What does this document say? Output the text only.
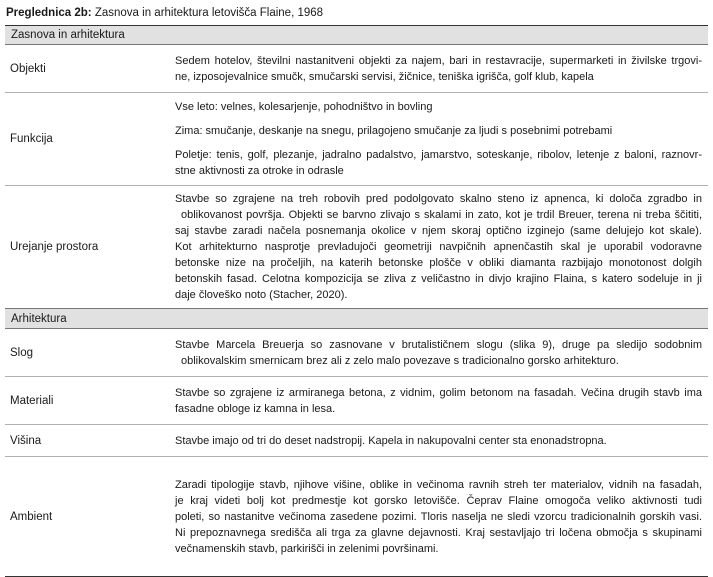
Preglednica 2b: Zasnova in arhitektura letovišča Flaine, 1968
Zasnova in arhitektura
Objekti

Sedem hotelov, številni nastanitveni objekti za najem, bari in restavracije, supermarketi in živilske trgovi-
ne, izposojevalnice smučk, smučarski servisi, žičnice, teniška igrišča, golf klub, kapela

Funkcija

Vse leto: velnes, kolesarjenje, pohodništvo in bovling

Zima: smučanje, deskanje na snegu, prilagojeno smučanje za ljudi s posebnimi potrebami

Poletje: tenis, golf, plezanje, jadralno padalstvo, jamarstvo, soteskanje, ribolov, letenje z baloni, raznovr-
stne aktivnosti za otroke in odrasle

Urejanje prostora

Stavbe so zgrajene na treh robovih pred podolgovato skalno steno iz apnenca, ki določa zgradbo in
oblikovanost površja. Objekti se barvno zlivajo s skalami in zato, kot je trdil Breuer, terena ni treba ščititi,
saj stavbe zaradi načela posnemanja okolice v njem skoraj optično izginejo (same delujejo kot skale).
Kot arhitekturno nasprotje prevladujoči geometriji navpičnih apnenčastih skal je uporabil vodoravne
betonske nize na pročeljih, na katerih betonske plošče v obliki diamanta razbijajo monotonost dolgih
betonskih fasad. Celotna kompozicija se zliva z veličastno in divjo krajino Flaina, s katero sodeluje in ji
daje človeško noto (Stacher, 2020).

Arhitektura
Slog

Stavbe Marcela Breuerja so zasnovane v brutalističnem slogu (slika 9), druge pa sledijo sodobnim
oblikovalskim smernicam brez ali z zelo malo povezave s tradicionalno gorsko arhitekturo.

Materiali

Stavbe so zgrajene iz armiranega betona, z vidnim, golim betonom na fasadah. Večina drugih stavb ima
fasadne obloge iz kamna in lesa.

Višina	Stavbe imajo od tri do deset nadstropij. Kapela in nakupovalni center sta enonadstropna.

Ambient

Zaradi tipologije stavb, njihove višine, oblike in večinoma ravnih streh ter materialov, vidnih na fasadah,
je kraj videti bolj kot predmestje kot gorsko letovišče. Čeprav Flaine omogoča veliko aktivnosti tudi
poleti, so nastanitve večinoma zasedene pozimi. Tloris naselja ne sledi vzorcu tradicionalnih gorskih vasi.
Ni prepoznavnega središča ali trga za glavne dejavnosti. Kraj sestavljajo tri ločena območja s skupinami
večnamenskih stavb, parkirišči in zelenimi površinami.
